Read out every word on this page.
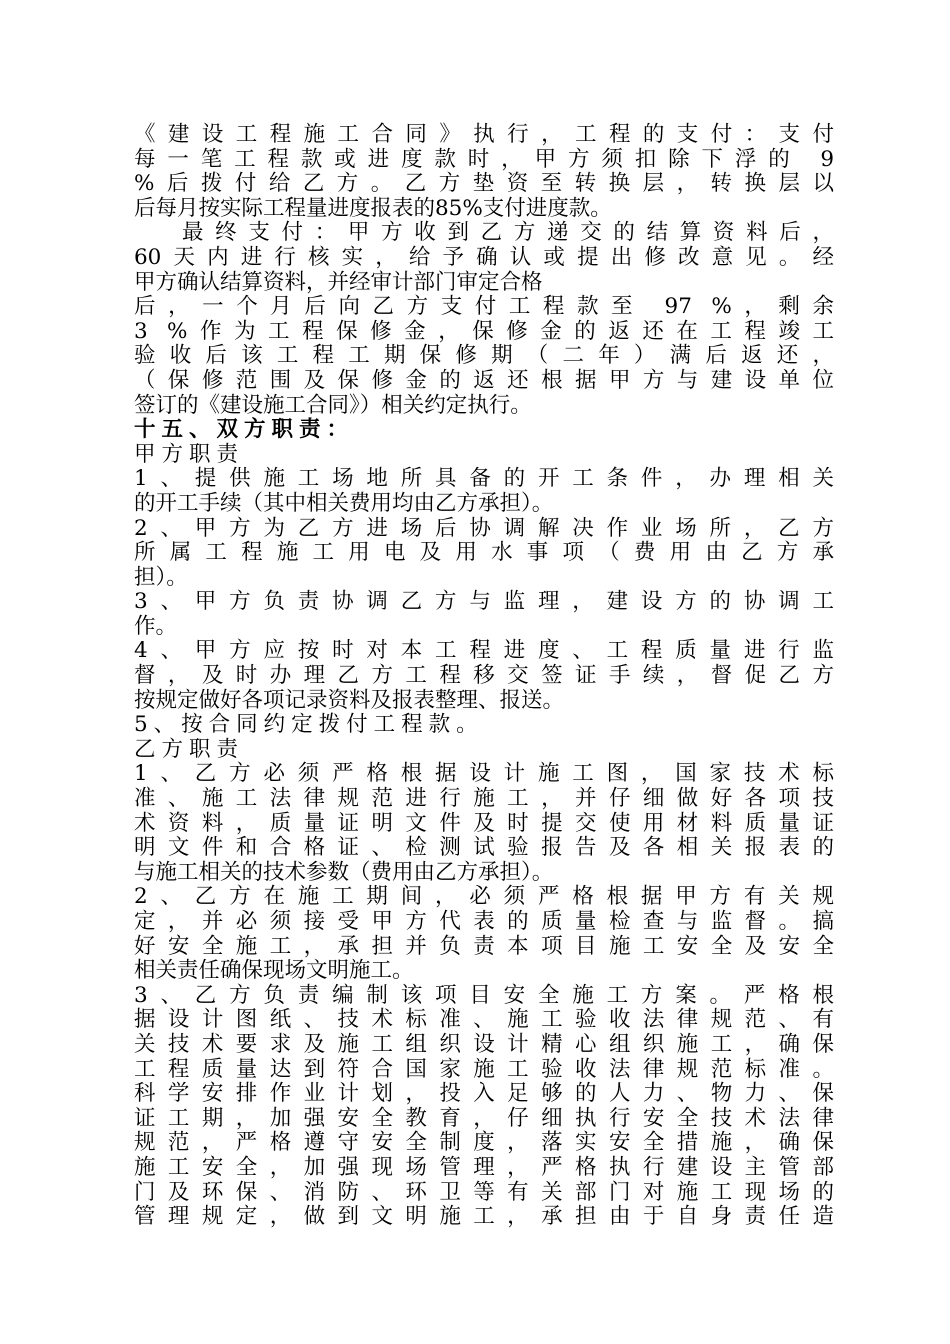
《建设工程施工合同》执行，工程的支付：支付
每一笔工程款或进度款时，甲方须扣除下浮的 9
%后拨付给乙方。乙方垫资至转换层，转换层以
后每月按实际工程量进度报表的85%支付进度款。
最终支付：甲方收到乙方递交的结算资料后，
60天内进行核实，给予确认或提出修改意见。经
甲方确认结算资料，并经审计部门审定合格
后，一个月后向乙方支付工程款至 97 %，剩余
3 %作为工程保修金，保修金的返还在工程竣工
验收后该工程工期保修期（二年）满后返还，
（保修范围及保修金的返还根据甲方与建设单位
签订的《建设施工合同》）相关约定执行。
十五、双方职责：
甲方职责
1、提供施工场地所具备的开工条件，办理相关
的开工手续（其中相关费用均由乙方承担）。
2、甲方为乙方进场后协调解决作业场所，乙方
所属工程施工用电及用水事项（费用由乙方承
担）。
3、甲方负责协调乙方与监理，建设方的协调工
作。
4、甲方应按时对本工程进度、工程质量进行监
督，及时办理乙方工程移交签证手续，督促乙方
按规定做好各项记录资料及报表整理、报送。
5、按合同约定拨付工程款。
乙方职责
1、乙方必须严格根据设计施工图，国家技术标
准、施工法律规范进行施工，并仔细做好各项技
术资料，质量证明文件及时提交使用材料质量证
明文件和合格证、检测试验报告及各相关报表的
与施工相关的技术参数（费用由乙方承担）。
2、乙方在施工期间，必须严格根据甲方有关规
定，并必须接受甲方代表的质量检查与监督。搞
好安全施工，承担并负责本项目施工安全及安全
相关责任确保现场文明施工。
3、乙方负责编制该项目安全施工方案。严格根
据设计图纸、技术标准、施工验收法律规范、有
关技术要求及施工组织设计精心组织施工，确保
工程质量达到符合国家施工验收法律规范标准。
科学安排作业计划，投入足够的人力、物力、保
证工期，加强安全教育，仔细执行安全技术法律
规范，严格遵守安全制度，落实安全措施，确保
施工安全，加强现场管理，严格执行建设主管部
门及环保、消防、环卫等有关部门对施工现场的
管理规定，做到文明施工，承担由于自身责任造
